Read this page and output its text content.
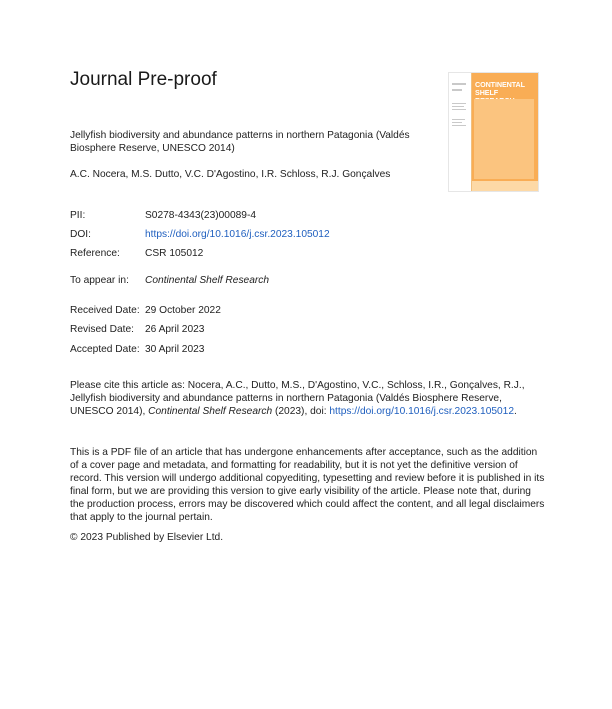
Journal Pre-proof	CONTINENTAL
SHELF
Jellyfish biodiversity and abundance patterns in northern Patagonia (Valdés Biosphere Reserve, UNESCO 2014)
A.C. Nocera, M.S. Dutto, V.C. D'Agostino, I.R. Schloss, R.J. Gonçalves
PII:	S0278-4343(23)00089-4
DOI:	https://doi.org/10.1016/j.csr.2023.105012
Reference: CSR 105012
To appear in: Continental Shelf Research
Received Date: 29 October 2022
Revised Date: 26 April 2023
Accepted Date: 30 April 2023
Please cite this article as: Nocera, A.C., Dutto, M.S., D'Agostino, V.C., Schloss, I.R., Gonçalves, R.J.,
Jellyfish biodiversity and abundance patterns in northern Patagonia (Valdés Biosphere Reserve,
UNESCO 2014), Continental Shelf Research (2023), doi: https://doi.org/10.1016/j.csr.2023.105012.
This is a PDF file of an article that has undergone enhancements after acceptance, such as the addition of a cover page and metadata, and formatting for readability, but it is not yet the definitive version of record. This version will undergo additional copyediting, typesetting and review before it is published in its final form, but we are providing this version to give early visibility of the article. Please note that, during the production process, errors may be discovered which could affect the content, and all legal disclaimers that apply to the journal pertain.
© 2023 Published by Elsevier Ltd.
